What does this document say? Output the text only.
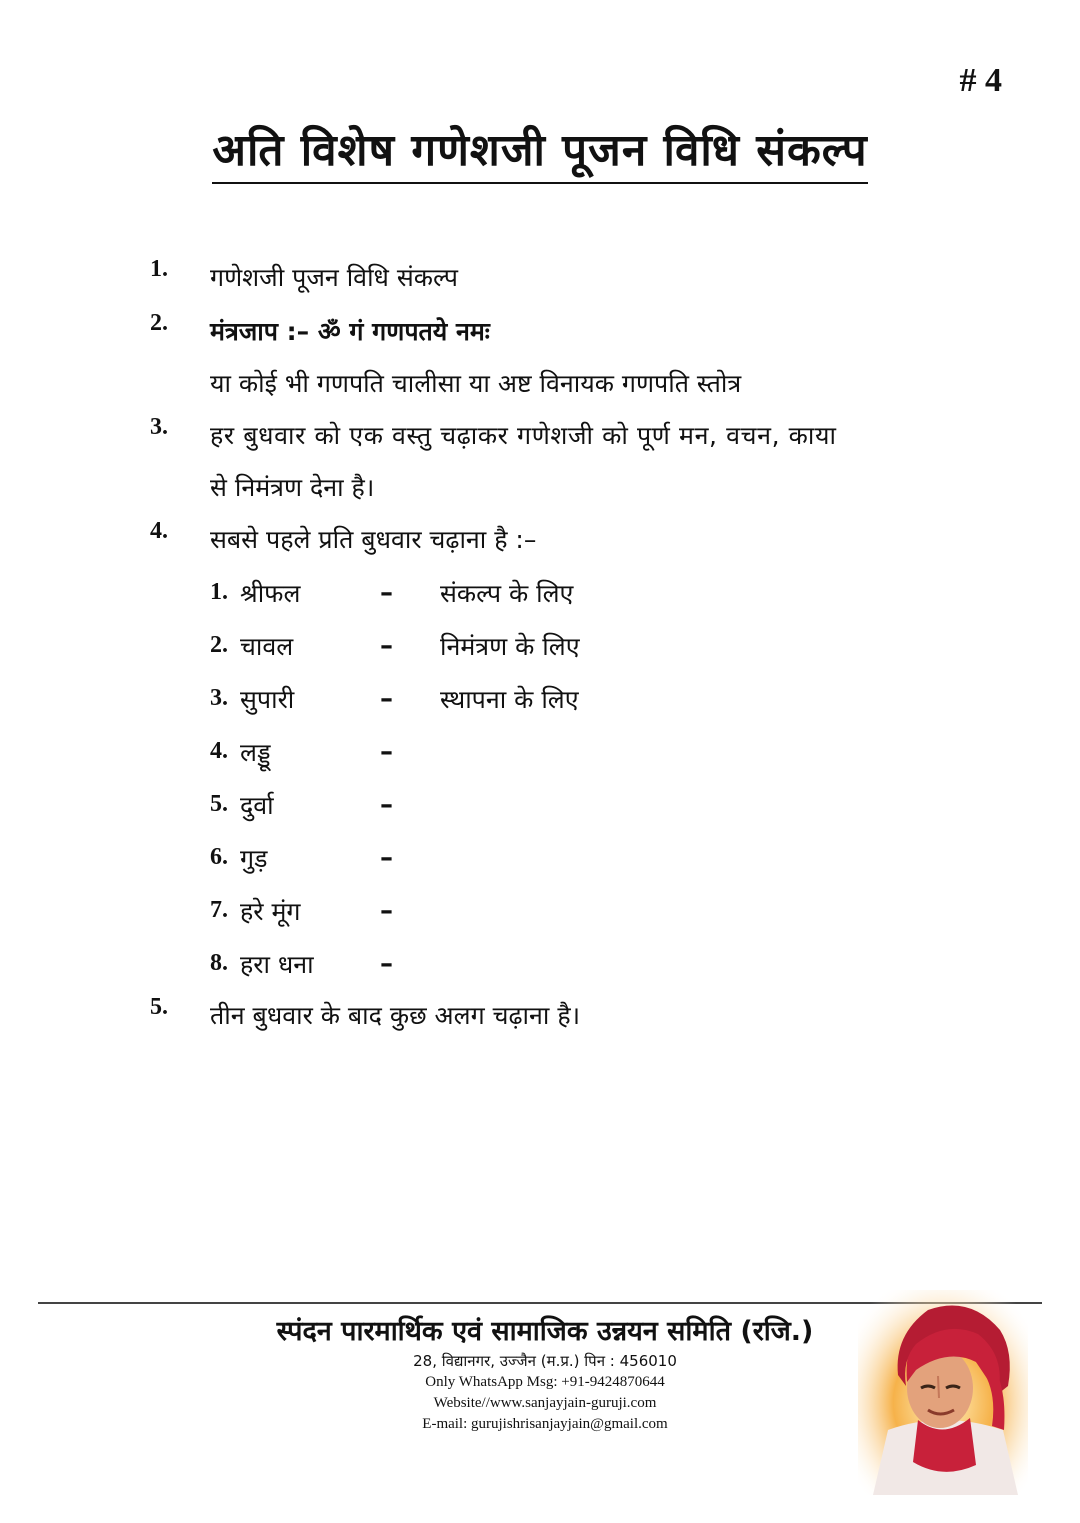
# 4
अति विशेष गणेशजी पूजन विधि संकल्प
1.	गणेशजी पूजन विधि संकल्प
2.	मंत्रजाप :– ॐ गं गणपतये नमः
या कोई भी गणपति चालीसा या अष्ट विनायक गणपति स्तोत्र
3.	हर बुधवार को एक वस्तु चढ़ाकर गणेशजी को पूर्ण मन, वचन, काया
से निमंत्रण देना है।
4.	सबसे पहले प्रति बुधवार चढ़ाना है :–
1. श्रीफल	–	संकल्प के लिए
2. चावल	–	निमंत्रण के लिए
3. सुपारी	–	स्थापना के लिए
4. लड्डू	–
5. दुर्वा	–
6. गुड़	–
7. हरे मूंग	–
8. हरा धना	–
5.	तीन बुधवार के बाद कुछ अलग चढ़ाना है।
स्पंदन पारमार्थिक एवं सामाजिक उन्नयन समिति (रजि.)
28, विद्यानगर, उज्जैन (म.प्र.) पिन : 456010
Only WhatsApp Msg: +91-9424870644
Website//www.sanjayjain-guruji.com
E-mail: gurujishrisanjayjain@gmail.com
